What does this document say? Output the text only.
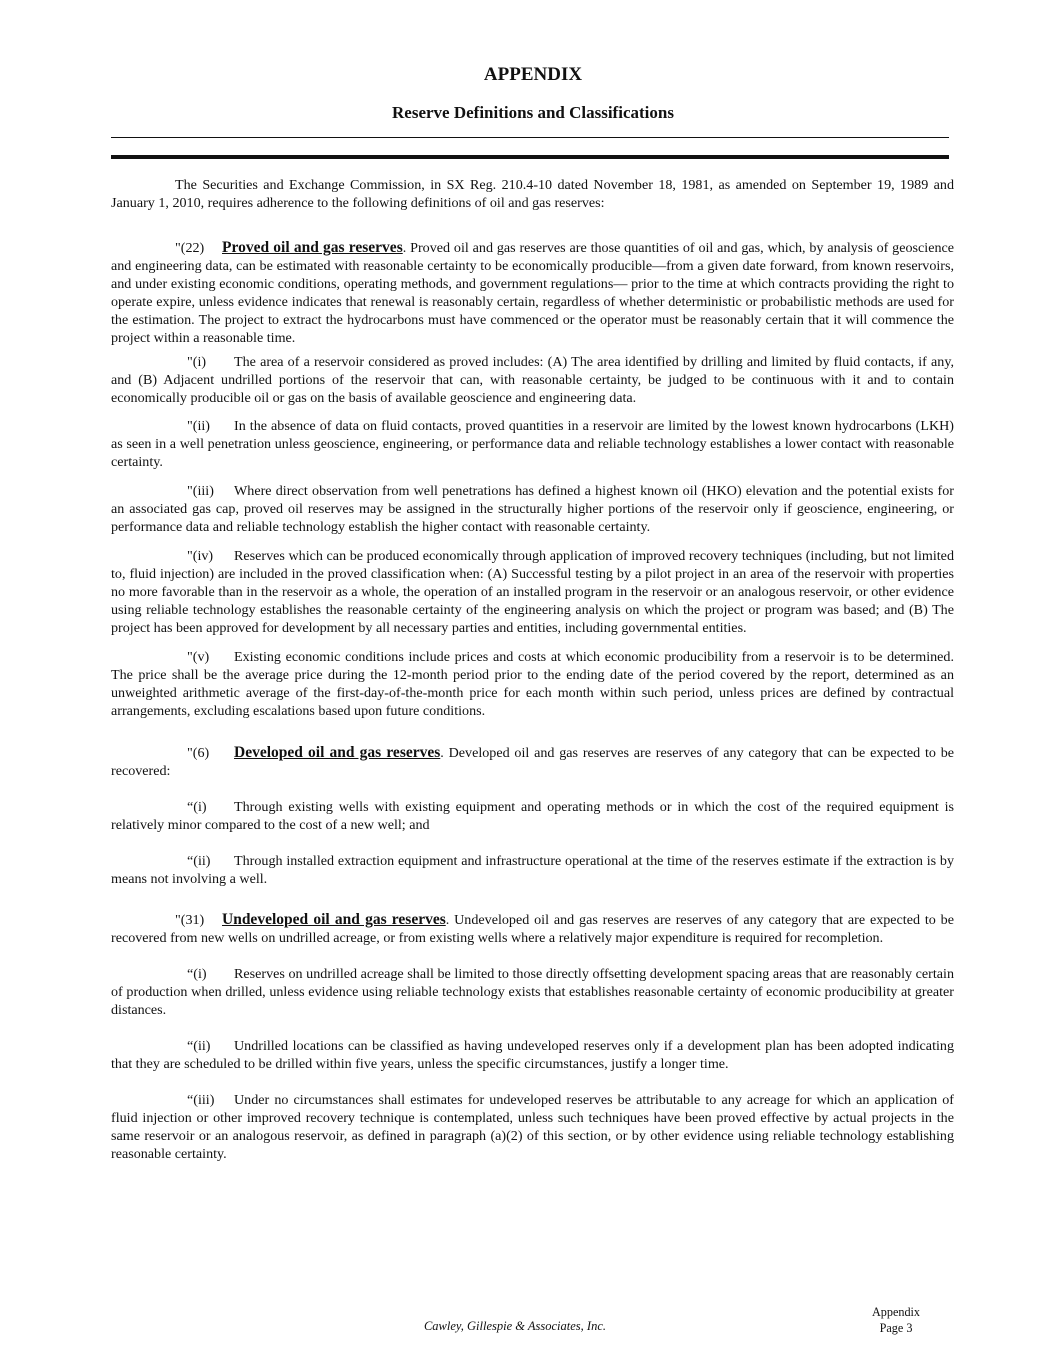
APPENDIX
Reserve Definitions and Classifications

The Securities and Exchange Commission, in SX Reg. 210.4-10 dated November 18, 1981, as amended on September 19, 1989 and January 1, 2010, requires adherence to the following definitions of oil and gas reserves:

"(22) Proved oil and gas reserves. Proved oil and gas reserves are those quantities of oil and gas, which, by analysis of geoscience and engineering data, can be estimated with reasonable certainty to be economically producible—from a given date forward, from known reservoirs, and under existing economic conditions, operating methods, and government regulations— prior to the time at which contracts providing the right to operate expire, unless evidence indicates that renewal is reasonably certain, regardless of whether deterministic or probabilistic methods are used for the estimation. The project to extract the hydrocarbons must have commenced or the operator must be reasonably certain that it will commence the project within a reasonable time.

"(i) The area of a reservoir considered as proved includes: (A) The area identified by drilling and limited by fluid contacts, if any, and (B) Adjacent undrilled portions of the reservoir that can, with reasonable certainty, be judged to be continuous with it and to contain economically producible oil or gas on the basis of available geoscience and engineering data.

"(ii) In the absence of data on fluid contacts, proved quantities in a reservoir are limited by the lowest known hydrocarbons (LKH) as seen in a well penetration unless geoscience, engineering, or performance data and reliable technology establishes a lower contact with reasonable certainty.

"(iii) Where direct observation from well penetrations has defined a highest known oil (HKO) elevation and the potential exists for an associated gas cap, proved oil reserves may be assigned in the structurally higher portions of the reservoir only if geoscience, engineering, or performance data and reliable technology establish the higher contact with reasonable certainty.

"(iv) Reserves which can be produced economically through application of improved recovery techniques (including, but not limited to, fluid injection) are included in the proved classification when: (A) Successful testing by a pilot project in an area of the reservoir with properties no more favorable than in the reservoir as a whole, the operation of an installed program in the reservoir or an analogous reservoir, or other evidence using reliable technology establishes the reasonable certainty of the engineering analysis on which the project or program was based; and (B) The project has been approved for development by all necessary parties and entities, including governmental entities.

"(v) Existing economic conditions include prices and costs at which economic producibility from a reservoir is to be determined. The price shall be the average price during the 12-month period prior to the ending date of the period covered by the report, determined as an unweighted arithmetic average of the first-day-of-the-month price for each month within such period, unless prices are defined by contractual arrangements, excluding escalations based upon future conditions.

"(6) Developed oil and gas reserves. Developed oil and gas reserves are reserves of any category that can be expected to be recovered:

“(i) Through existing wells with existing equipment and operating methods or in which the cost of the required equipment is relatively minor compared to the cost of a new well; and

“(ii) Through installed extraction equipment and infrastructure operational at the time of the reserves estimate if the extraction is by means not involving a well.

"(31) Undeveloped oil and gas reserves. Undeveloped oil and gas reserves are reserves of any category that are expected to be recovered from new wells on undrilled acreage, or from existing wells where a relatively major expenditure is required for recompletion.

“(i) Reserves on undrilled acreage shall be limited to those directly offsetting development spacing areas that are reasonably certain of production when drilled, unless evidence using reliable technology exists that establishes reasonable certainty of economic producibility at greater distances.

“(ii) Undrilled locations can be classified as having undeveloped reserves only if a development plan has been adopted indicating that they are scheduled to be drilled within five years, unless the specific circumstances, justify a longer time.

“(iii) Under no circumstances shall estimates for undeveloped reserves be attributable to any acreage for which an application of fluid injection or other improved recovery technique is contemplated, unless such techniques have been proved effective by actual projects in the same reservoir or an analogous reservoir, as defined in paragraph (a)(2) of this section, or by other evidence using reliable technology establishing reasonable certainty.

Cawley, Gillespie & Associates, Inc.
Appendix
Page 3
